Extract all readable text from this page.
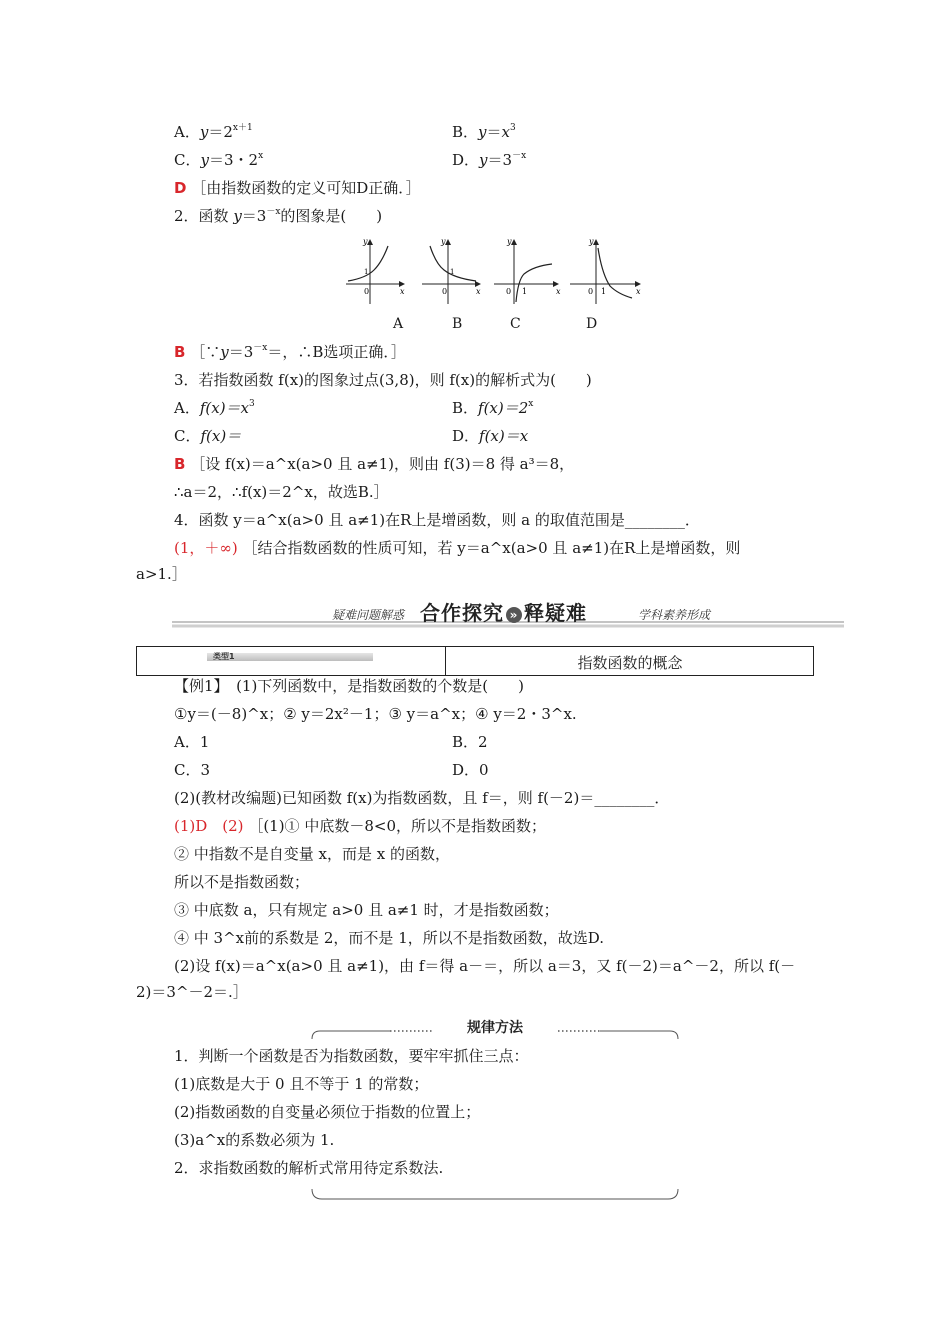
A．$y=2^{x+1}$	B．$y=x^3$
C．y＝3・2$^x$	D．$y=3^{-x}$
D ［由指数函数的定义可知D正确．］
2．函数 $y=3^{-x}$的图象是(　　)
y
x
0
1
y
x
0
1
y
x
0 1
y
x
0 1
A	B	C	D
B $[\because y=3^{-x}=$，∴B选项正确．］
3．若指数函数 f(x)的图象过点(3,8)，则 f(x)的解析式为(　　)
A．$f(x)=x^3$	B．$f(x)=2^x$
C．f(x)＝	D．f(x)＝x
B ［设 f(x)＝a^x(a>0 且 a≠1)，则由 f(3)＝8 得 a³＝8，
∴a＝2，∴f(x)＝2^x，故选B.］
4．函数 y＝a^x(a>0 且 a≠1)在R上是增函数，则 a 的取值范围是________．
(1，＋∞) ［结合指数函数的性质可知，若 y＝a^x(a>0 且 a≠1)在R上是增函数，则
a>1.］
疑难问题解惑 合作探究 » 释疑难	学科素养形成
类型1	指数函数的概念
【例1】　 (1)下列函数中，是指数函数的个数是(　　)
①y＝(－8)^x；② y＝2x²－1；③ y＝a^x；④ y＝2・3^x.
A．1	B．2
C．3	D．0
(2)(教材改编题)已知函数 f(x)为指数函数，且 f＝，则 f(－2)＝________．
(1)D　(2) ［(1)① 中底数－8<0，所以不是指数函数；
② 中指数不是自变量 x，而是 x 的函数，
所以不是指数函数；
③ 中底数 a，只有规定 a>0 且 a≠1 时，才是指数函数；
④ 中 3^x前的系数是 2，而不是 1，所以不是指数函数，故选D.
(2)设 f(x)＝a^x(a>0 且 a≠1)，由 f＝得 a－＝，所以 a＝3，又 f(－2)＝a^－2，所以 f(－
2)＝3^－2＝.］
规律方法
1．判断一个函数是否为指数函数，要牢牢抓住三点：
(1)底数是大于 0 且不等于 1 的常数；
(2)指数函数的自变量必须位于指数的位置上；
(3)a^x的系数必须为 1.
2．求指数函数的解析式常用待定系数法.
